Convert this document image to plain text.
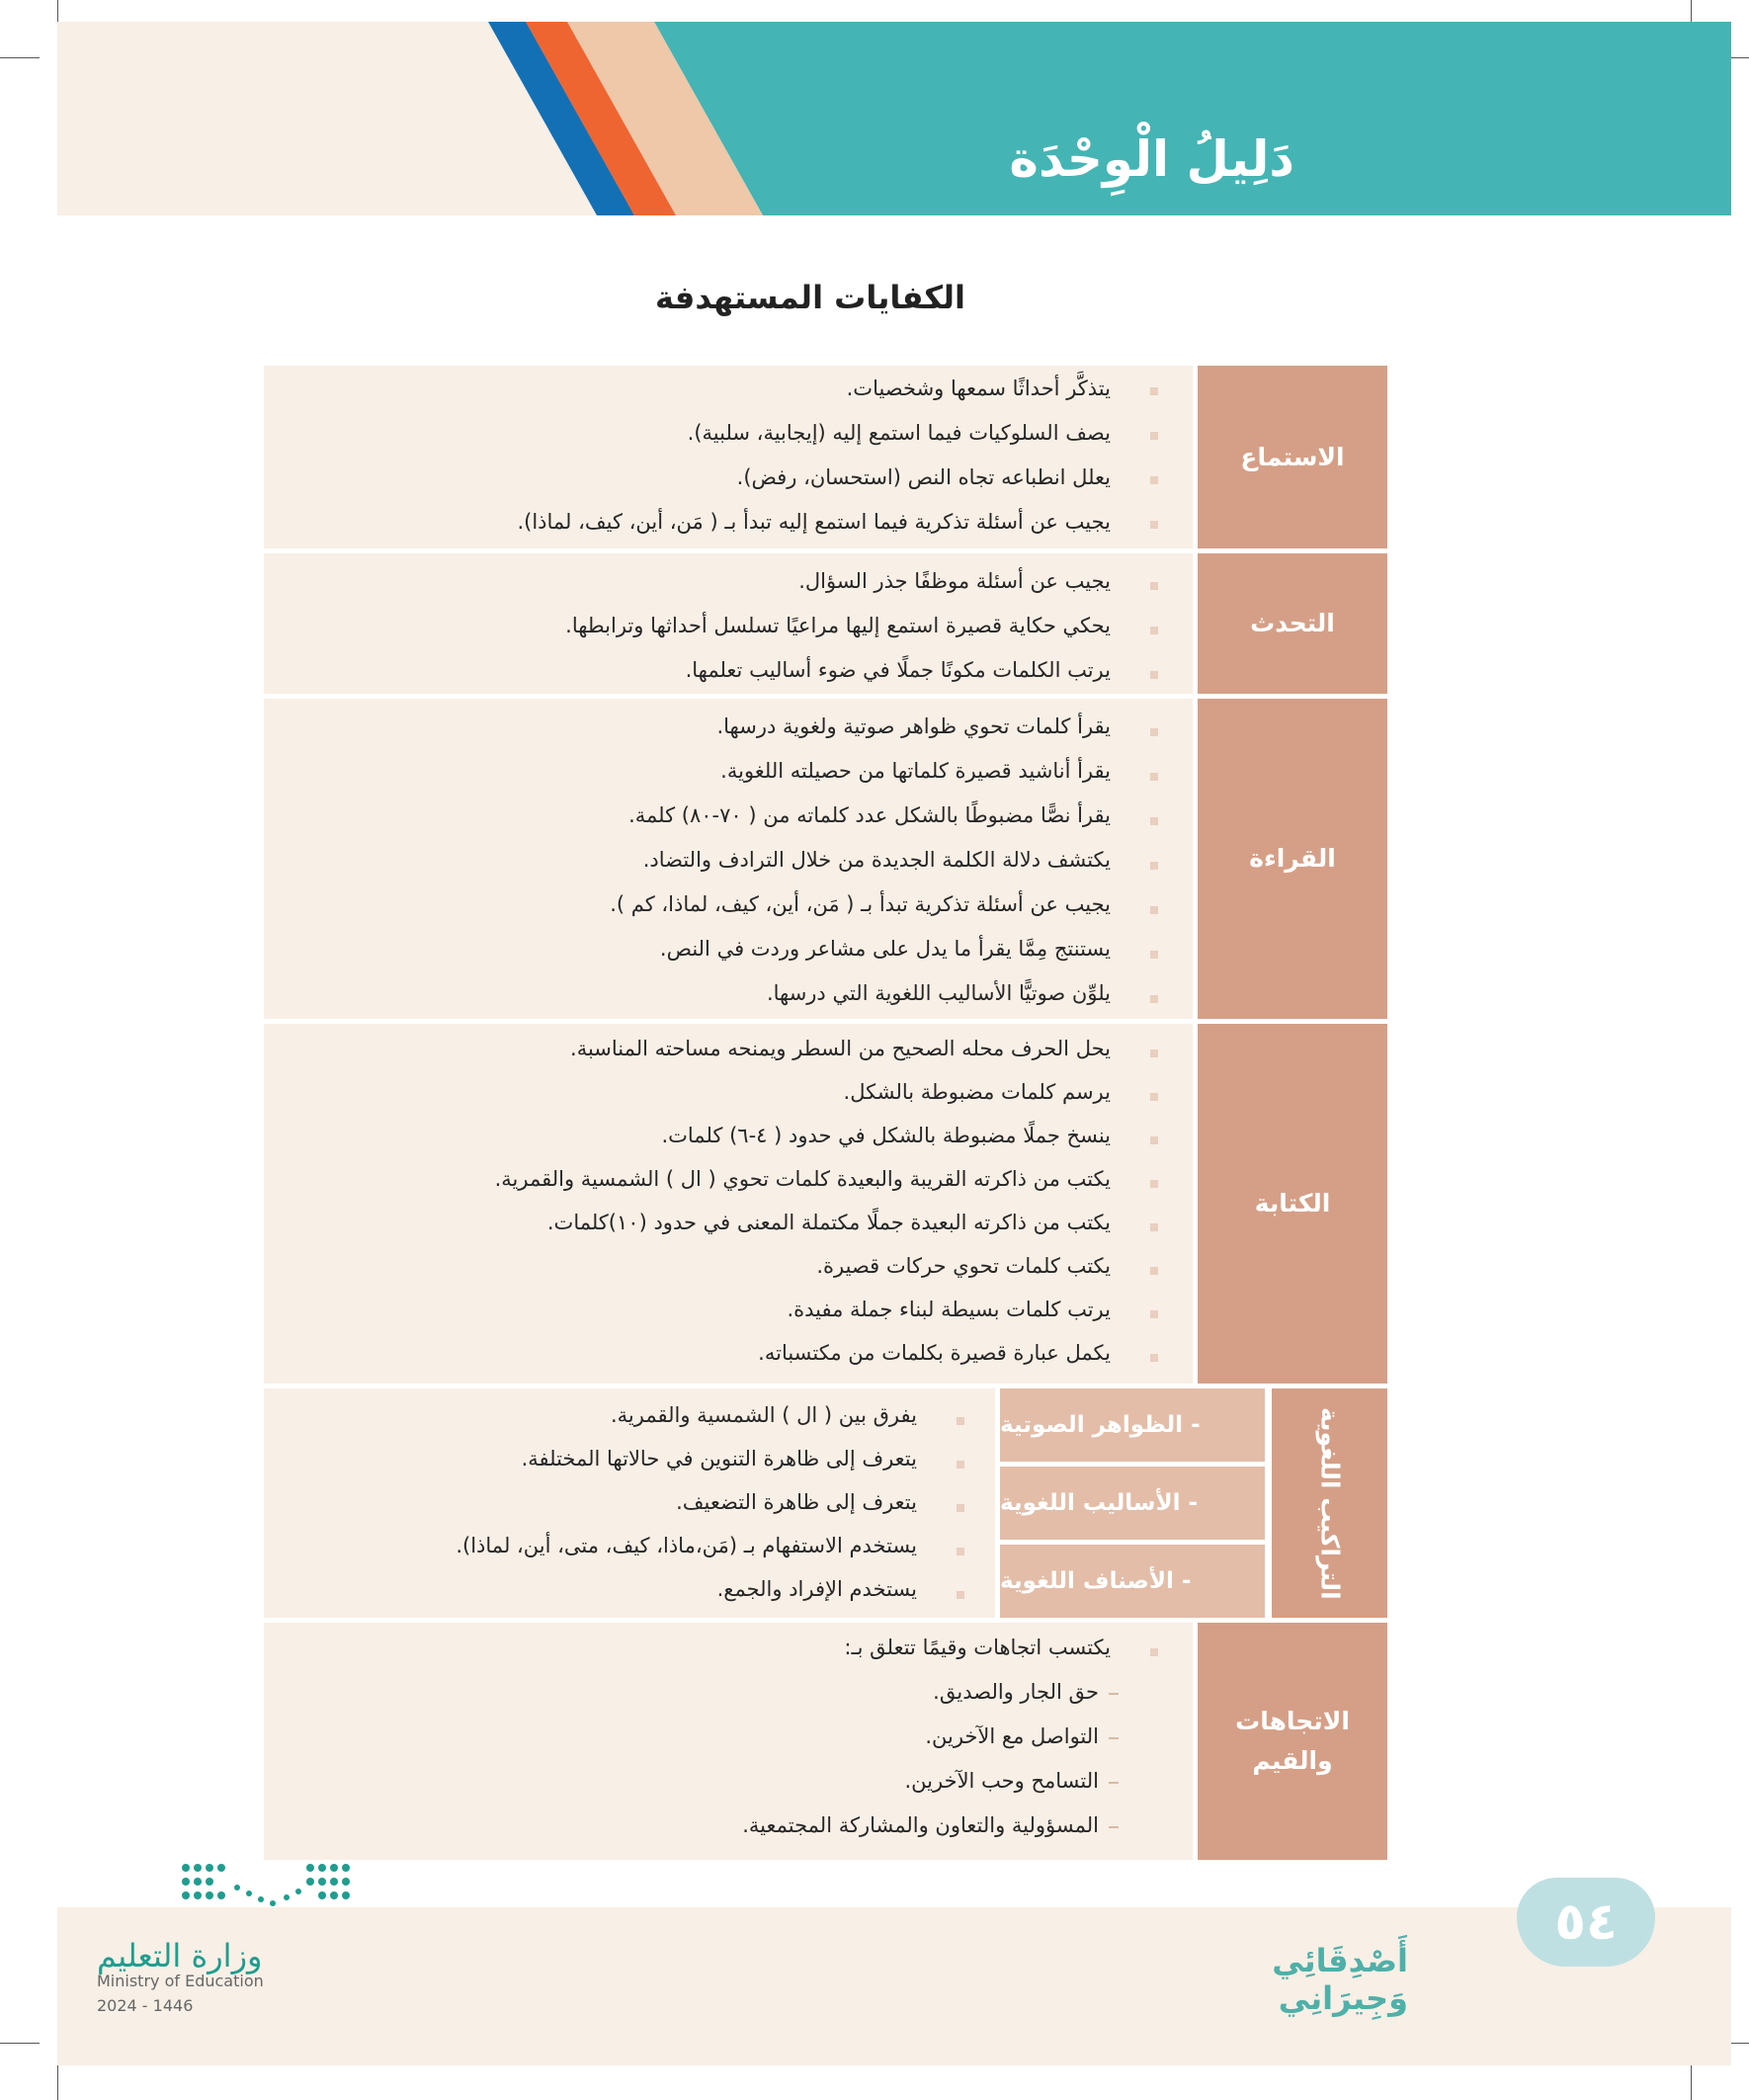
دَلِيلُ الْوِحْدَة
الكفايات المستهدفة
الاستماع
يتذكَّر أحداثًا سمعها وشخصيات.
يصف السلوكيات فيما استمع إليه (إيجابية، سلبية).
يعلل انطباعه تجاه النص (استحسان، رفض).
يجيب عن أسئلة تذكرية فيما استمع إليه تبدأ بـ ( مَن، أين، كيف، لماذا).
التحدث
يجيب عن أسئلة موظفًا جذر السؤال.
يحكي حكاية قصيرة استمع إليها مراعيًا تسلسل أحداثها وترابطها.
يرتب الكلمات مكونًا جملًا في ضوء أساليب تعلمها.
القراءة
يقرأ كلمات تحوي ظواهر صوتية ولغوية درسها.
يقرأ أناشيد قصيرة كلماتها من حصيلته اللغوية.
يقرأ نصًّا مضبوطًا بالشكل عدد كلماته من ( ٧٠-٨٠) كلمة.
يكتشف دلالة الكلمة الجديدة من خلال الترادف والتضاد.
يجيب عن أسئلة تذكرية تبدأ بـ ( مَن، أين، كيف، لماذا، كم ).
يستنتج مِمَّا يقرأ ما يدل على مشاعر وردت في النص.
يلوِّن صوتيًّا الأساليب اللغوية التي درسها.
الكتابة
يحل الحرف محله الصحيح من السطر ويمنحه مساحته المناسبة.
يرسم كلمات مضبوطة بالشكل.
ينسخ جملًا مضبوطة بالشكل في حدود ( ٤-٦) كلمات.
يكتب من ذاكرته القريبة والبعيدة كلمات تحوي ( ال ) الشمسية والقمرية.
يكتب من ذاكرته البعيدة جملًا مكتملة المعنى في حدود (١٠)كلمات.
يكتب كلمات تحوي حركات قصيرة.
يرتب كلمات بسيطة لبناء جملة مفيدة.
يكمل عبارة قصيرة بكلمات من مكتسباته.
التراكيب اللغوية
- الظواهر الصوتية
- الأساليب اللغوية
- الأصناف اللغوية
يفرق بين ( ال ) الشمسية والقمرية.
يتعرف إلى ظاهرة التنوين في حالاتها المختلفة.
يتعرف إلى ظاهرة التضعيف.
يستخدم الاستفهام بـ (مَن،ماذا، كيف، متى، أين، لماذا).
يستخدم الإفراد والجمع.
الاتجاهات والقيم
يكتسب اتجاهات وقيمًا تتعلق بـ:
حق الجار والصديق.
التواصل مع الآخرين.
التسامح وحب الآخرين.
المسؤولية والتعاون والمشاركة المجتمعية.
٥٤
أَصْدِقَائِي وَجِيرَانِي
وزارة التعليم
Ministry of Education
2024 - 1446
